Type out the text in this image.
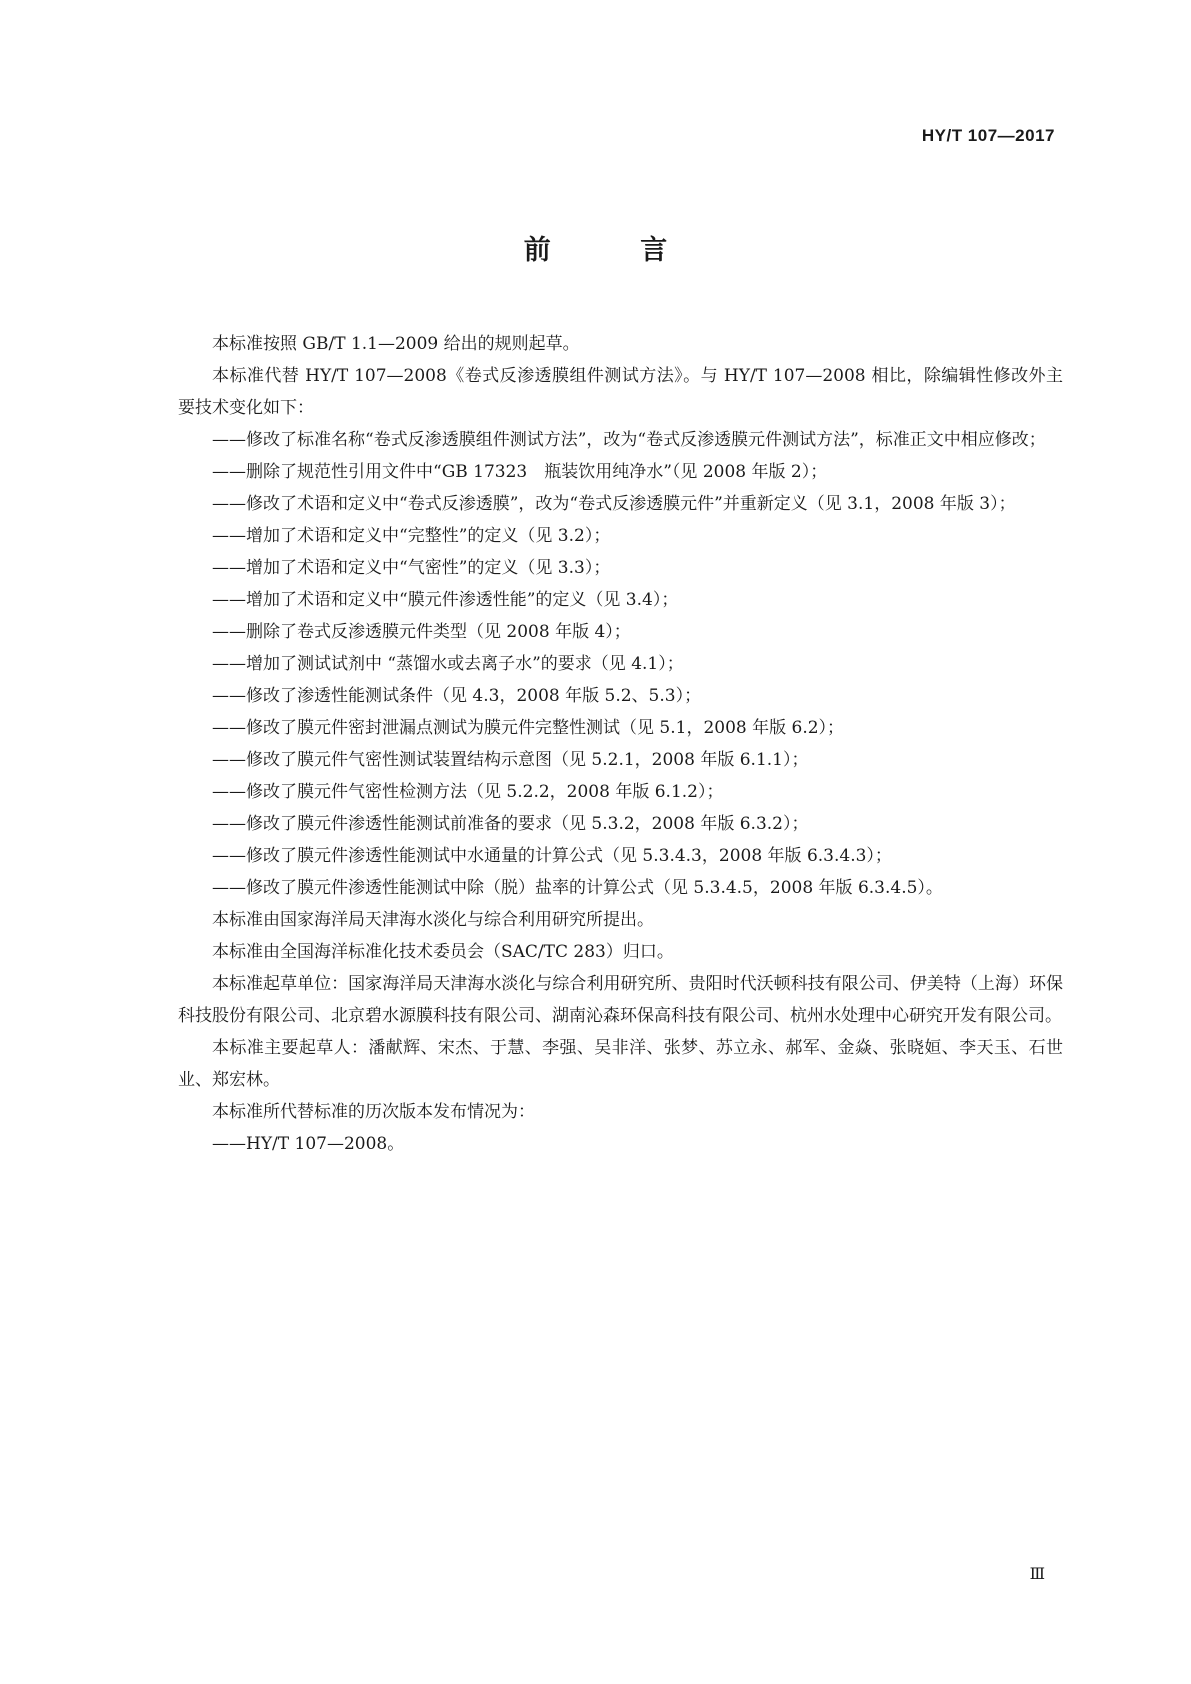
HY/T 107—2017
前 言

本标准按照 GB/T 1.1—2009 给出的规则起草。

本标准代替 HY/T 107—2008《卷式反渗透膜组件测试方法》。与 HY/T 107—2008 相比，除编辑性修改外主要技术变化如下：

——修改了标准名称“卷式反渗透膜组件测试方法”，改为“卷式反渗透膜元件测试方法”，标准正文中相应修改；
——删除了规范性引用文件中“GB 17323　瓶装饮用纯净水”（见 2008 年版 2）；
——修改了术语和定义中“卷式反渗透膜”，改为“卷式反渗透膜元件”并重新定义（见 3.1，2008 年版 3）；
——增加了术语和定义中“完整性”的定义（见 3.2）；
——增加了术语和定义中“气密性”的定义（见 3.3）；
——增加了术语和定义中“膜元件渗透性能”的定义（见 3.4）；
——删除了卷式反渗透膜元件类型（见 2008 年版 4）；
——增加了测试试剂中 “蒸馏水或去离子水”的要求（见 4.1）；
——修改了渗透性能测试条件（见 4.3，2008 年版 5.2、5.3）；
——修改了膜元件密封泄漏点测试为膜元件完整性测试（见 5.1，2008 年版 6.2）；
——修改了膜元件气密性测试装置结构示意图（见 5.2.1，2008 年版 6.1.1）；
——修改了膜元件气密性检测方法（见 5.2.2，2008 年版 6.1.2）；
——修改了膜元件渗透性能测试前准备的要求（见 5.3.2，2008 年版 6.3.2）；
——修改了膜元件渗透性能测试中水通量的计算公式（见 5.3.4.3，2008 年版 6.3.4.3）；
——修改了膜元件渗透性能测试中除（脱）盐率的计算公式（见 5.3.4.5，2008 年版 6.3.4.5）。

本标准由国家海洋局天津海水淡化与综合利用研究所提出。

本标准由全国海洋标准化技术委员会（SAC/TC 283）归口。

本标准起草单位：国家海洋局天津海水淡化与综合利用研究所、贵阳时代沃顿科技有限公司、伊美特（上海）环保科技股份有限公司、北京碧水源膜科技有限公司、湖南沁森环保高科技有限公司、杭州水处理中心研究开发有限公司。

本标准主要起草人：潘献辉、宋杰、于慧、李强、吴非洋、张梦、苏立永、郝军、金焱、张晓姮、李天玉、石世业、郑宏林。

本标准所代替标准的历次版本发布情况为：

——HY/T 107—2008。
Ⅲ
